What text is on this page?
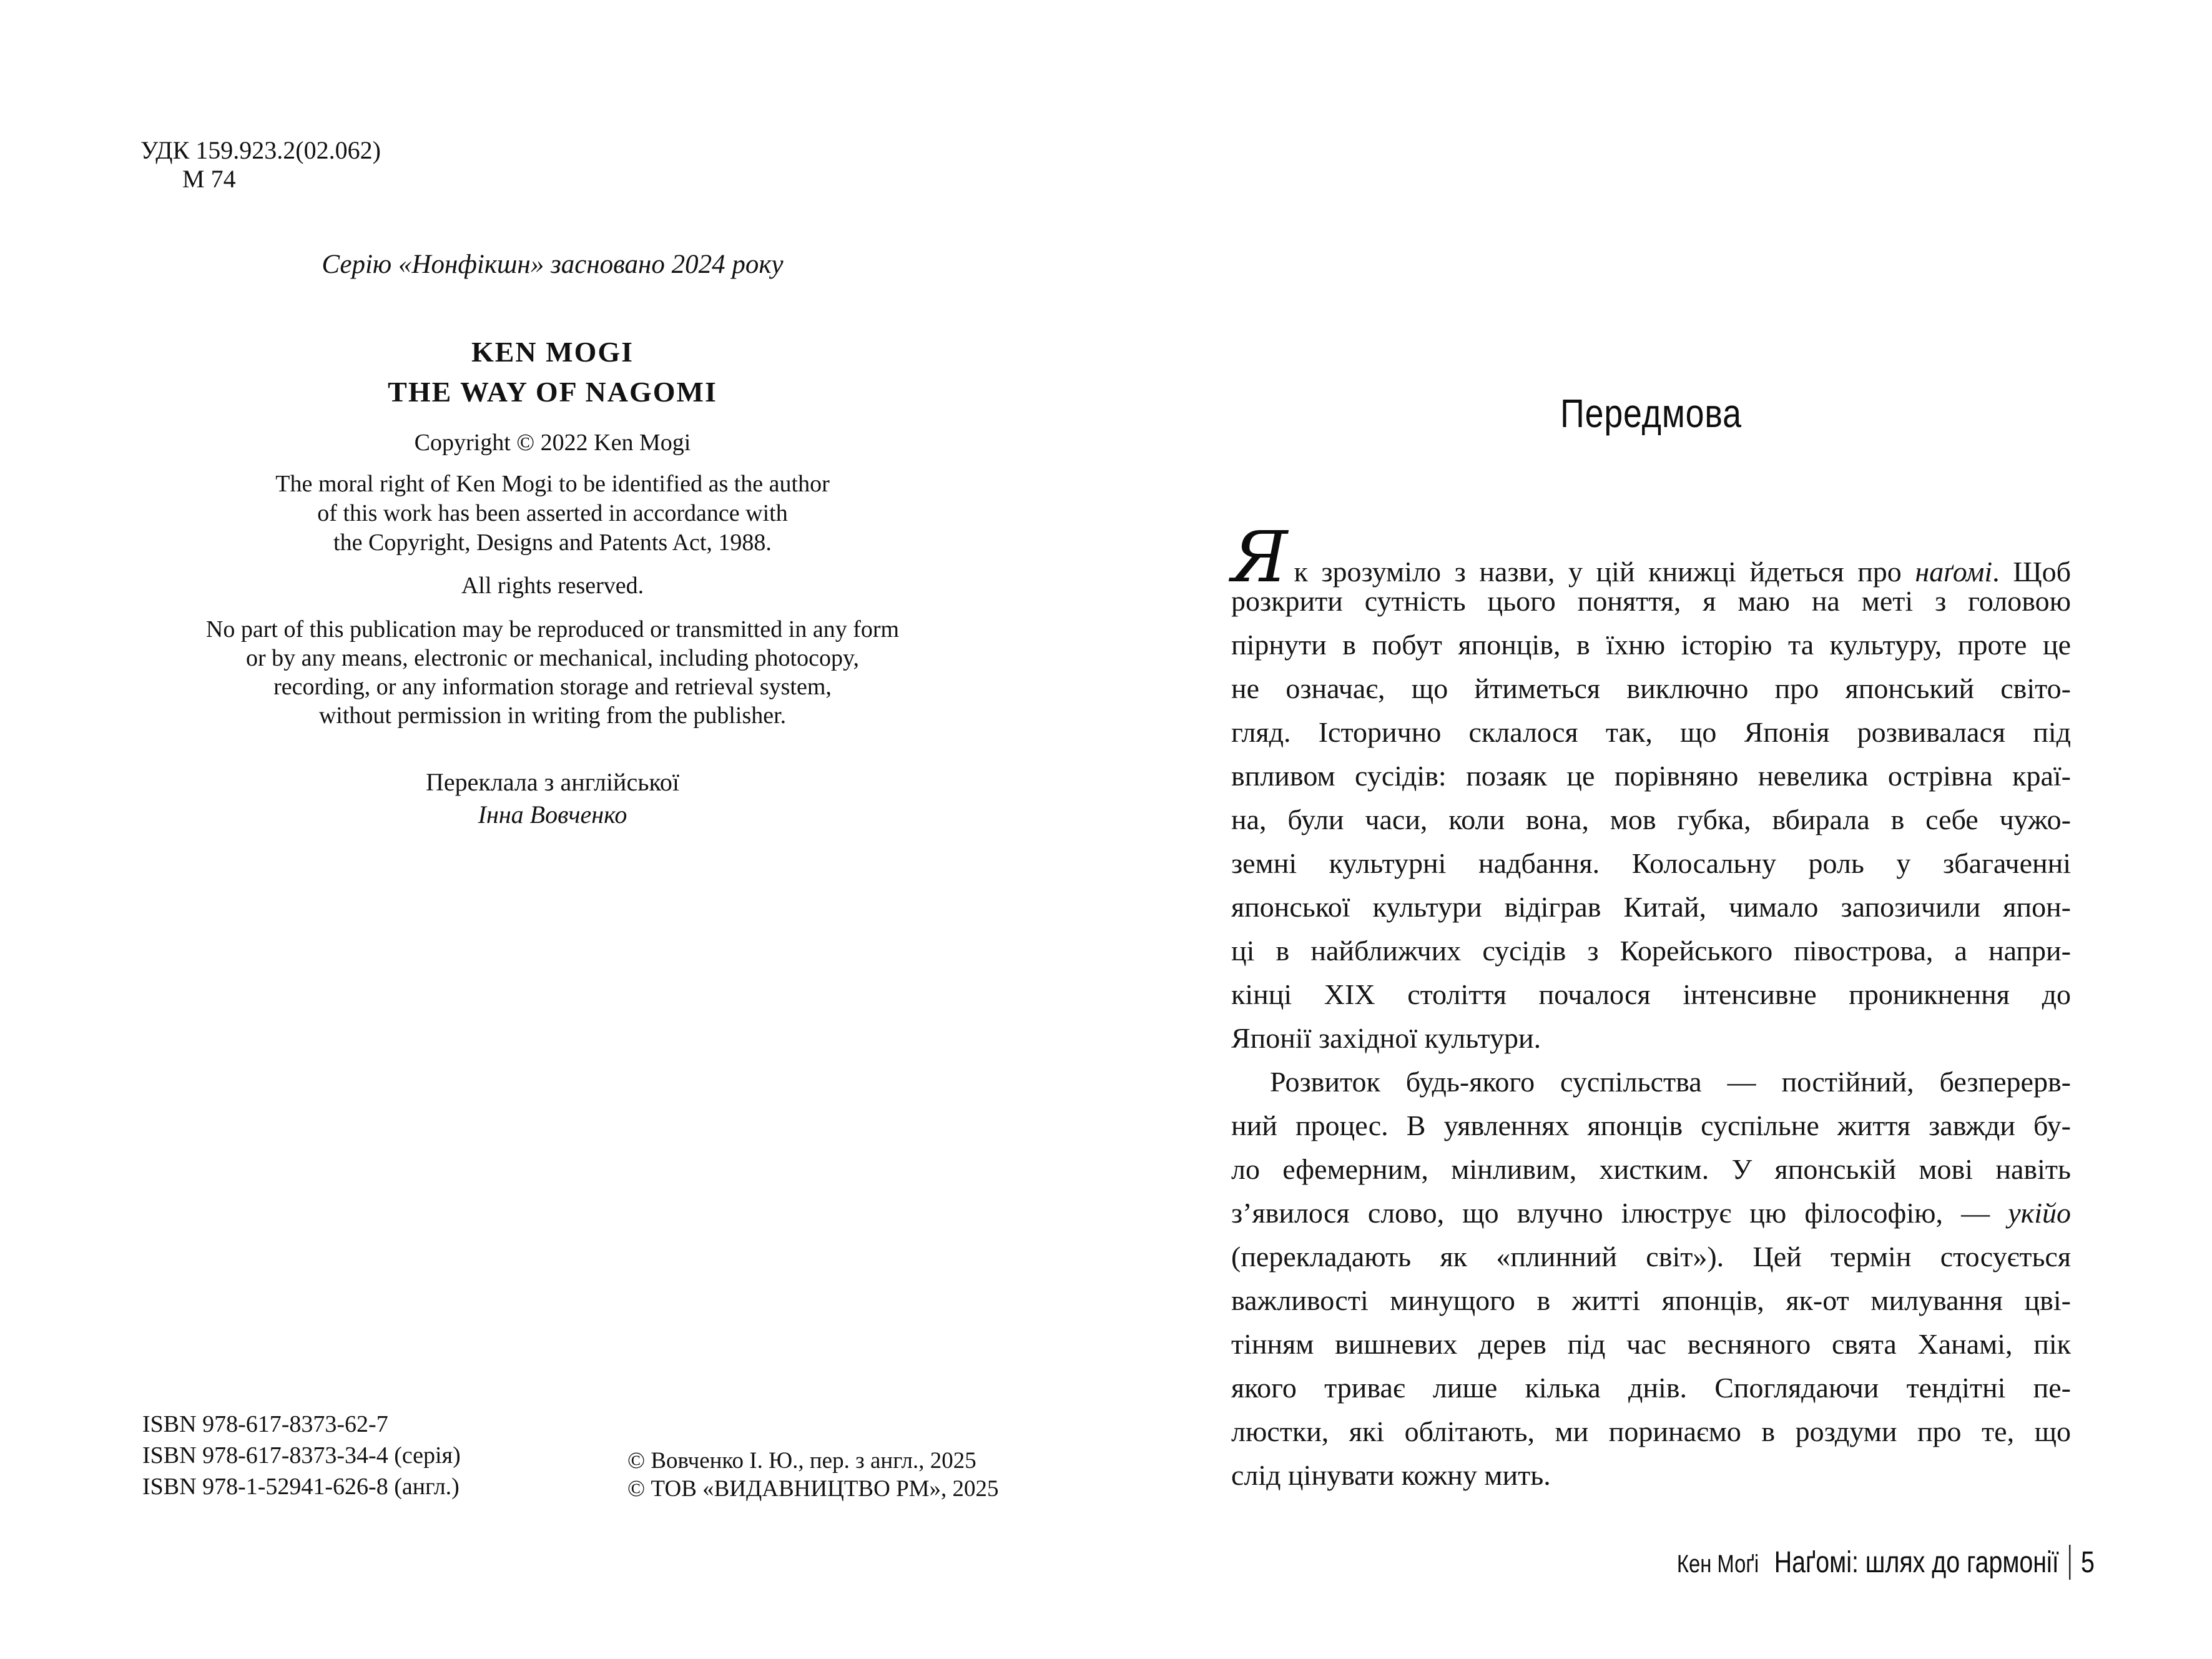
УДК 159.923.2(02.062)
М 74
Серію «Нонфікшн» засновано 2024 року
KEN MOGI
THE WAY OF NAGOMI
Copyright © 2022 Ken Mogi
The moral right of Ken Mogi to be identified as the author
of this work has been asserted in accordance with
the Copyright, Designs and Patents Act, 1988.
All rights reserved.
No part of this publication may be reproduced or transmitted in any form
or by any means, electronic or mechanical, including photocopy,
recording, or any information storage and retrieval system,
without permission in writing from the publisher.
Переклала з англійської
Інна Вовченко
ISBN 978-617-8373-62-7
ISBN 978-617-8373-34-4 (серія)
ISBN 978-1-52941-626-8 (англ.)
© Вовченко І. Ю., пер. з англ., 2025
© ТОВ «ВИДАВНИЦТВО РМ», 2025
Передмова
Як зрозуміло з назви, у цій книжці йдеться про наґомі. Щоб
розкрити сутність цього поняття, я маю на меті з головою
пірнути в побут японців, в їхню історію та культуру, проте це
не означає, що йтиметься виключно про японський світо-
гляд. Історично склалося так, що Японія розвивалася під
впливом сусідів: позаяк це порівняно невелика острівна краї-
на, були часи, коли вона, мов губка, вбирала в себе чужо-
земні культурні надбання. Колосальну роль у збагаченні
японської культури відіграв Китай, чимало запозичили япон-
ці в найближчих сусідів з Корейського півострова, а напри-
кінці XIX століття почалося інтенсивне проникнення до
Японії західної культури.
Розвиток будь-якого суспільства — постійний, безперерв-
ний процес. В уявленнях японців суспільне життя завжди бу-
ло ефемерним, мінливим, хистким. У японській мові навіть
з’явилося слово, що влучно ілюструє цю філософію, — укійо
(перекладають як «плинний світ»). Цей термін стосується
важливості минущого в житті японців, як-от милування цві-
тінням вишневих дерев під час весняного свята Ханамі, пік
якого триває лише кілька днів. Споглядаючи тендітні пе-
люстки, які облітають, ми поринаємо в роздуми про те, що
слід цінувати кожну мить.
Кен Моґі Наґомі: шлях до гармонії 5
